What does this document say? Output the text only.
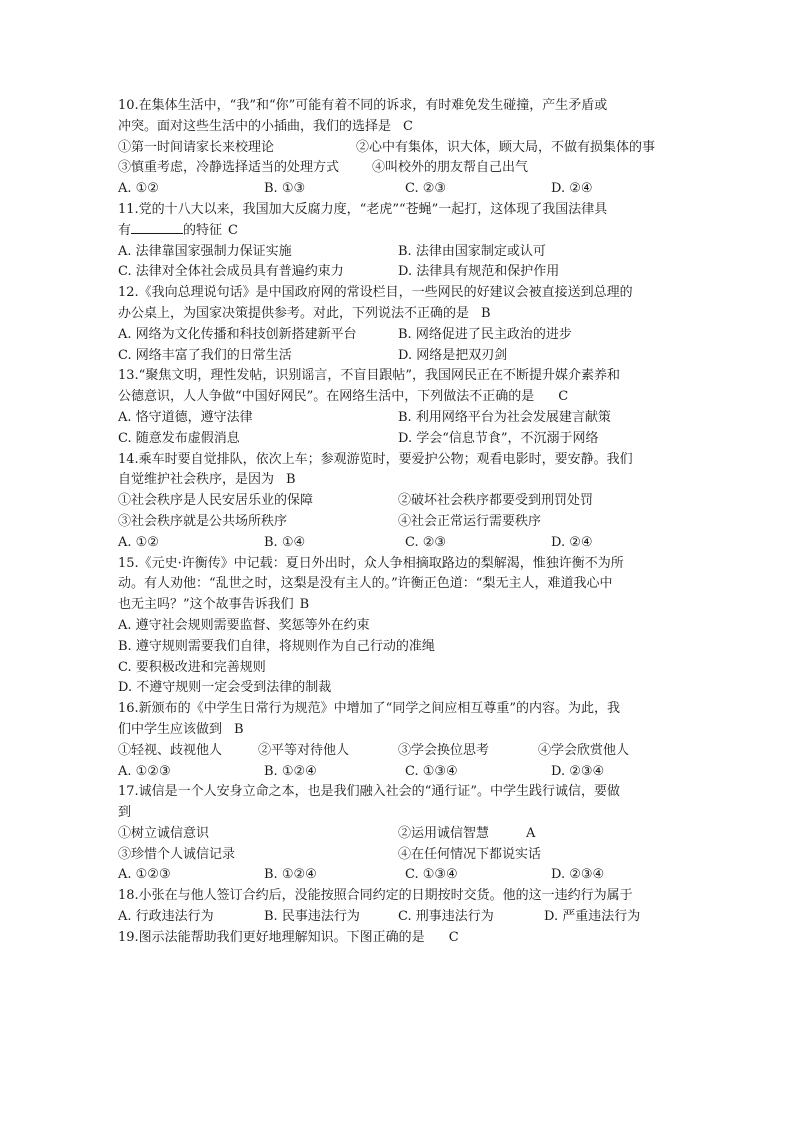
10.在集体生活中，“我”和“你”可能有着不同的诉求，有时难免发生碰撞，产生矛盾或
冲突。面对这些生活中的小插曲，我们的选择是 C
①第一时间请家长来校理论	②心中有集体，识大体，顾大局，不做有损集体的事
③慎重考虑，冷静选择适当的处理方式	④叫校外的朋友帮自己出气
A. ①②	B. ①③	C. ②③	D. ②④
11.党的十八大以来，我国加大反腐力度，“老虎”“苍蝇”一起打，这体现了我国法律具
有	的特征 C
A. 法律靠国家强制力保证实施	B. 法律由国家制定或认可
C. 法律对全体社会成员具有普遍约束力	D. 法律具有规范和保护作用
12.《我向总理说句话》是中国政府网的常设栏目，一些网民的好建议会被直接送到总理的
办公桌上，为国家决策提供参考。对此，下列说法不正确的是 B
A. 网络为文化传播和科技创新搭建新平台	B. 网络促进了民主政治的进步
C. 网络丰富了我们的日常生活	D. 网络是把双刃剑
13.“聚焦文明，理性发帖，识别谣言，不盲目跟帖”，我国网民正在不断提升媒介素养和
公德意识，人人争做“中国好网民”。在网络生活中，下列做法不正确的是 C
A. 恪守道德，遵守法律	B. 利用网络平台为社会发展建言献策
C. 随意发布虚假消息	D. 学会“信息节食”，不沉溺于网络
14.乘车时要自觉排队，依次上车；参观游览时，要爱护公物；观看电影时，要安静。我们
自觉维护社会秩序，是因为 B
①社会秩序是人民安居乐业的保障	②破坏社会秩序都要受到刑罚处罚
③社会秩序就是公共场所秩序	④社会正常运行需要秩序
A. ①②	B. ①④	C. ②③	D. ②④
15.《元史·许衡传》中记载：夏日外出时，众人争相摘取路边的梨解渴，惟独许衡不为所
动。有人劝他：“乱世之时，这梨是没有主人的。”许衡正色道：“梨无主人，难道我心中
也无主吗？”这个故事告诉我们 B
A. 遵守社会规则需要监督、奖惩等外在约束
B. 遵守规则需要我们自律，将规则作为自己行动的准绳
C. 要积极改进和完善规则
D. 不遵守规则一定会受到法律的制裁
16.新颁布的《中学生日常行为规范》中增加了“同学之间应相互尊重”的内容。为此，我
们中学生应该做到 B
①轻视、歧视他人	②平等对待他人	③学会换位思考	④学会欣赏他人
A. ①②③	B. ①②④	C. ①③④	D. ②③④
17.诚信是一个人安身立命之本，也是我们融入社会的“通行证”。中学生践行诚信，要做
到
①树立诚信意识	②运用诚信智慧	A
③珍惜个人诚信记录	④在任何情况下都说实话
A. ①②③	B. ①②④	C. ①③④	D. ②③④
18.小张在与他人签订合约后，没能按照合同约定的日期按时交货。他的这一违约行为属于
A. 行政违法行为	B. 民事违法行为	C. 刑事违法行为	D. 严重违法行为
19.图示法能帮助我们更好地理解知识。下图正确的是 C
